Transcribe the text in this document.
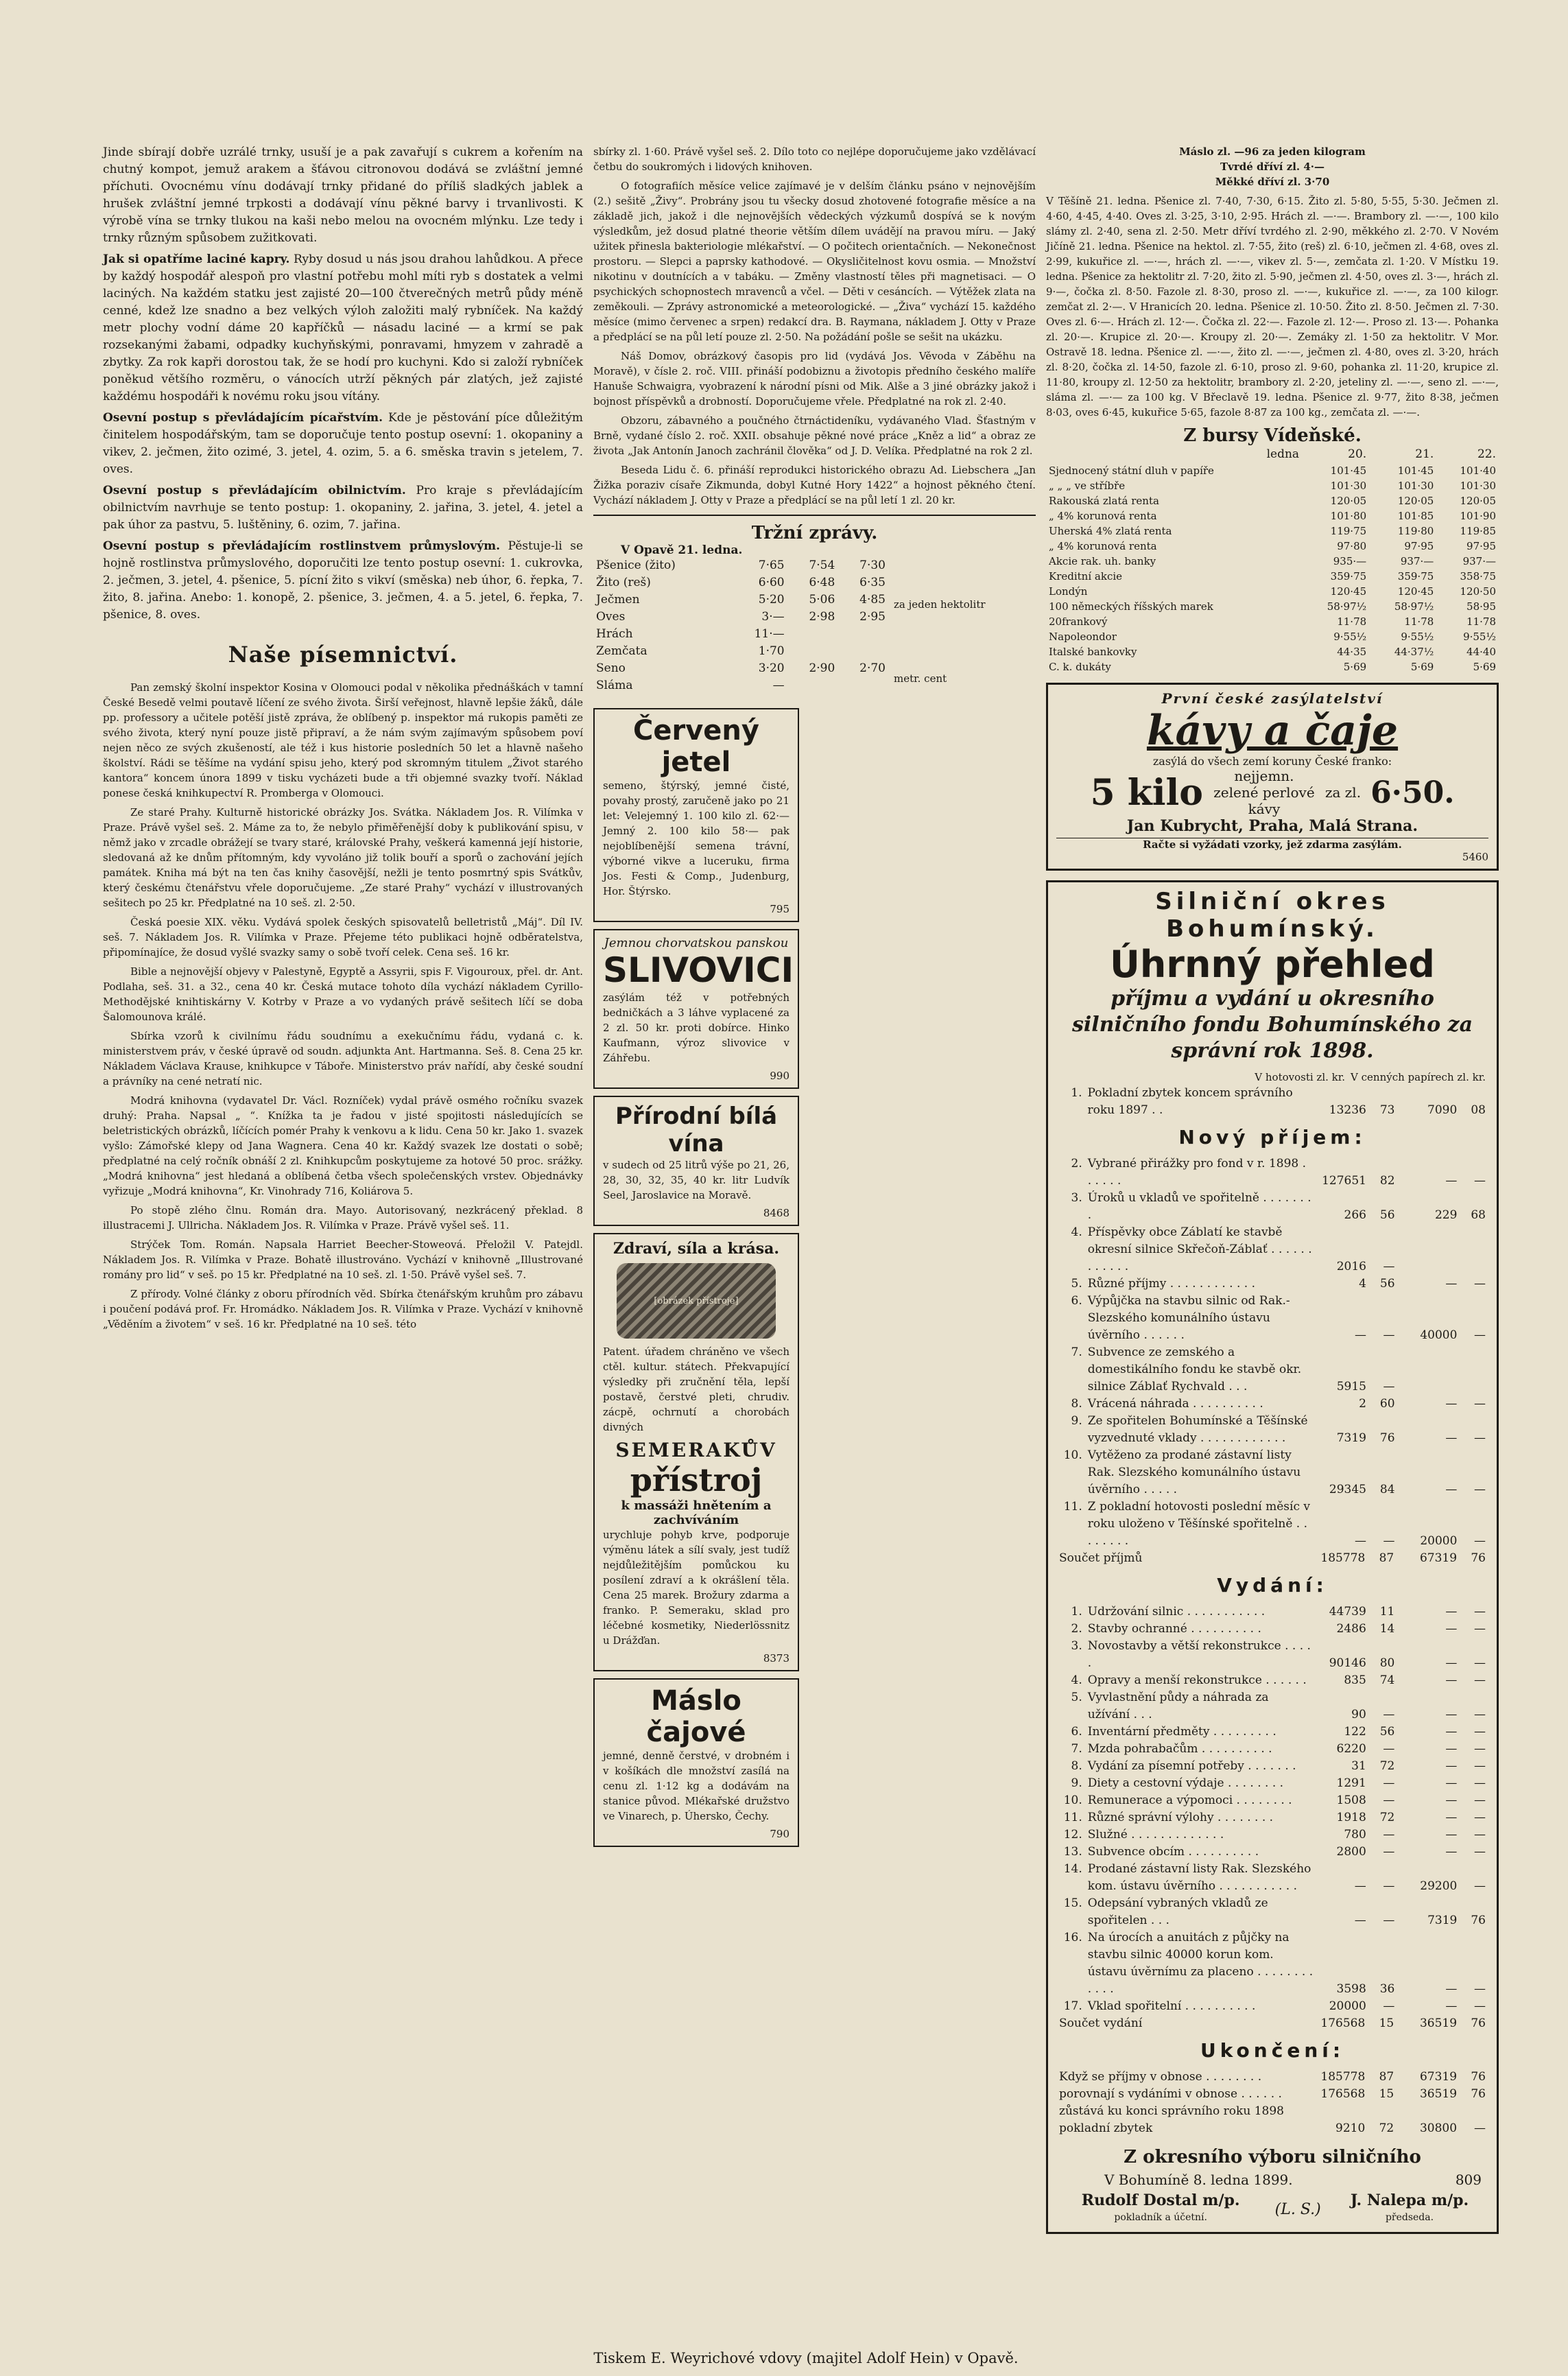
Jinde sbírají dobře uzrálé trnky, usuší je a pak zavařují s cukrem a kořením na chutný kompot, jemuž arakem a šťávou citronovou dodává se zvláštní jemné příchuti. Ovocnému vínu dodávají trnky přidané do příliš sladkých jablek a hrušek zvláštní jemné trpkosti a dodávají vínu pěkné barvy i trvanlivosti. K výrobě vína se trnky tlukou na kaši nebo melou na ovocném mlýnku. Lze tedy i trnky různým spůsobem zužitkovati.

Jak si opatříme laciné kapry. Ryby dosud u nás jsou drahou lahůdkou. A přece by každý hospodář alespoň pro vlastní potřebu mohl míti ryb s dostatek a velmi laciných. Na každém statku jest zajisté 20—100 čtverečných metrů půdy méně cenné, kdež lze snadno a bez velkých výloh založiti malý rybníček. Na každý metr plochy vodní dáme 20 kapříčků — násadu laciné — a krmí se pak rozsekanými žabami, odpadky kuchyňskými, ponravami, hmyzem v zahradě a zbytky. Za rok kapři dorostou tak, že se hodí pro kuchyni. Kdo si založí rybníček poněkud většího rozměru, o vánocích utrží pěkných pár zlatých, jež zajisté každému hospodáři k novému roku jsou vítány.

Osevní postup s převládajícím pícařstvím. Kde je pěstování píce důležitým činitelem hospodářským, tam se doporučuje tento postup osevní: 1. okopaniny a vikev, 2. ječmen, žito ozimé, 3. jetel, 4. ozim, 5. a 6. směska travin s jetelem, 7. oves.

Osevní postup s převládajícím obilnictvím. Pro kraje s převládajícím obilnictvím navrhuje se tento postup: 1. okopaniny, 2. jařina, 3. jetel, 4. jetel a pak úhor za pastvu, 5. luštěniny, 6. ozim, 7. jařina.

Osevní postup s převládajícím rostlinstvem průmyslovým. Pěstuje-li se hojně rostlinstva průmyslového, doporučiti lze tento postup osevní: 1. cukrovka, 2. ječmen, 3. jetel, 4. pšenice, 5. pícní žito s vikví (směska) neb úhor, 6. řepka, 7. žito, 8. jařina. Anebo: 1. konopě, 2. pšenice, 3. ječmen, 4. a 5. jetel, 6. řepka, 7. pšenice, 8. oves.

Naše písemnictví.

Pan zemský školní inspektor Kosina v Olomouci podal v několika přednáškách v tamní České Besedě velmi poutavě líčení ze svého života. Širší veřejnost, hlavně lepšie žáků, dále pp. professory a učitele potěší jistě zpráva, že oblíbený p. inspektor má rukopis paměti ze svého života, který nyní pouze jistě připraví, a že nám svým zajímavým spůsobem poví nejen něco ze svých zkušeností, ale též i kus historie posledních 50 let a hlavně našeho školství. Rádi se těšíme na vydání spisu jeho, který pod skromným titulem „Život starého kantora“ koncem února 1899 v tisku vycházeti bude a tři objemné svazky tvoří. Náklad ponese česká knihkupectví R. Promberga v Olomouci.

Ze staré Prahy. Kulturně historické obrázky Jos. Svátka. Nákladem Jos. R. Vilímka v Praze. Právě vyšel seš. 2. Máme za to, že nebylo přiměřenější doby k publikování spisu, v němž jako v zrcadle obrážejí se tvary staré, královské Prahy, veškerá kamenná její historie, sledovaná až ke dnům přítomným, kdy vyvoláno již tolik bouří a sporů o zachování jejích památek. Kniha má být na ten čas knihy časovější, nežli je tento posmrtný spis Svátkův, který českému čtenářstvu vřele doporučujeme. „Ze staré Prahy“ vychází v illustrovaných sešitech po 25 kr. Předplatné na 10 seš. zl. 2·50.

Česká poesie XIX. věku. Vydává spolek českých spisovatelů belletristů „Máj“. Díl IV. seš. 7. Nákladem Jos. R. Vilímka v Praze. Přejeme této publikaci hojně odběratelstva, připomínajíce, že dosud vyšlé svazky samy o sobě tvoří celek. Cena seš. 16 kr.

Bible a nejnovější objevy v Palestyně, Egyptě a Assyrii, spis F. Vigouroux, přel. dr. Ant. Podlaha, seš. 31. a 32., cena 40 kr. Česká mutace tohoto díla vychází nákladem Cyrillo-Methodějské knihtiskárny V. Kotrby v Praze a vo vydaných právě sešitech líčí se doba Šalomounova králé.

Sbírka vzorů k civilnímu řádu soudnímu a exekučnímu řádu, vydaná c. k. ministerstvem práv, v české úpravě od soudn. adjunkta Ant. Hartmanna. Seš. 8. Cena 25 kr. Nákladem Václava Krause, knihkupce v Táboře. Ministerstvo práv nařídí, aby české soudní a právníky na cené netratí nic.

Modrá knihovna (vydavatel Dr. Václ. Rozníček) vydal právě osmého ročníku svazek druhý: Praha. Napsal „ “. Knížka ta je řadou v jisté spojitosti následujících se beletristických obrázků, líčících pomér Prahy k venkovu a k lidu. Cena 50 kr. Jako 1. svazek vyšlo: Zámořské klepy od Jana Wagnera. Cena 40 kr. Každý svazek lze dostati o sobě; předplatné na celý ročník obnáší 2 zl. Knihkupcům poskytujeme za hotové 50 proc. srážky. „Modrá knihovna“ jest hledaná a oblíbená četba všech společenských vrstev. Objednávky vyřizuje „Modrá knihovna“, Kr. Vinohrady 716, Koliárova 5.

Po stopě zlého člnu. Román dra. Mayo. Autorisovaný, nezkrácený překlad. 8 illustracemi J. Ullricha. Nákladem Jos. R. Vilímka v Praze. Právě vyšel seš. 11.

Strýček Tom. Román. Napsala Harriet Beecher-Stoweová. Přeložil V. Patejdl. Nákladem Jos. R. Vilímka v Praze. Bohatě illustrováno. Vychází v knihovně „Illustrované romány pro lid“ v seš. po 15 kr. Předplatné na 10 seš. zl. 1·50. Právě vyšel seš. 7.

Z přírody. Volné články z oboru přírodních věd. Sbírka čtenářským kruhům pro zábavu i poučení podává prof. Fr. Hromádko. Nákladem Jos. R. Vilímka v Praze. Vychází v knihovně „Věděním a životem“ v seš. 16 kr. Předplatné na 10 seš. této

sbírky zl. 1·60. Právě vyšel seš. 2. Dílo toto co nejlépe doporučujeme jako vzdělávací četbu do soukromých i lidových knihoven.

O fotografiích měsíce velice zajímavé je v delším článku psáno v nejnovějším (2.) sešitě „Živy“. Probrány jsou tu všecky dosud zhotovené fotografie měsíce a na základě jich, jakož i dle nejnovějších vědeckých výzkumů dospívá se k novým výsledkům, jež dosud platné theorie větším dílem uvádějí na pravou míru. — Jaký užitek přinesla bakteriologie mlékařství. — O počitech orientačních. — Nekonečnost prostoru. — Slepci a paprsky kathodové. — Okysličitelnost kovu osmia. — Množství nikotinu v doutnících a v tabáku. — Změny vlastností těles při magnetisaci. — O psychických schopnostech mravenců a včel. — Děti v cesáncích. — Výtěžek zlata na zeměkouli. — Zprávy astronomické a meteorologické. — „Živa“ vychází 15. každého měsíce (mimo červenec a srpen) redakcí dra. B. Raymana, nákladem J. Otty v Praze a předplácí se na půl letí pouze zl. 2·50. Na požádání pošle se sešit na ukázku.

Náš Domov, obrázkový časopis pro lid (vydává Jos. Věvoda v Záběhu na Moravě), v čísle 2. roč. VIII. přináší podobiznu a životopis předního českého malíře Hanuše Schwaigra, vyobrazení k národní písni od Mik. Alše a 3 jiné obrázky jakož i bojnost příspěvků a drobností. Doporučujeme vřele. Předplatné na rok zl. 2·40.

Obzoru, zábavného a poučného čtrnáctideníku, vydávaného Vlad. Šťastným v Brně, vydané číslo 2. roč. XXII. obsahuje pěkné nové práce „Kněz a lid“ a obraz ze života „Jak Antonín Janoch zachránil člověka“ od J. D. Velíka. Předplatné na rok 2 zl.

Beseda Lidu č. 6. přináší reprodukci historického obrazu Ad. Liebschera „Jan Žižka poraziv císaře Zikmunda, dobyl Kutné Hory 1422“ a hojnost pěkného čtení. Vychází nákladem J. Otty v Praze a předplácí se na půl letí 1 zl. 20 kr.

Tržní zprávy.
V Opavě 21. ledna.
Pšenice (žito)	7·65	7·54	7·30
Žito (reš)	6·60	6·48	6·35
Ječmen	5·20	5·06	4·85
Oves	3·—	2·98	2·95
Hrách	11·—		
Zemčata	1·70		
Seno	3·20	2·90	2·70
Sláma	—		
za jeden hektolitr
metr. cent
Červený jetel

semeno, štýrský, jemné čisté, povahy prostý, zaručeně jako po 21 let: Velejemný 1. 100 kilo zl. 62·— Jemný 2. 100 kilo 58·— pak nejoblíbenější semena trávní, výborné vikve a luceruku, firma Jos. Festi & Comp., Judenburg, Hor. Štýrsko.

795
Jemnou chorvatskou panskou
SLIVOVICI

zasýlám též v potřebných bedničkách a 3 láhve vyplacené za 2 zl. 50 kr. proti dobírce. Hinko Kaufmann, výroz slivovice v Záhřebu.

990
Přírodní bílá vína

v sudech od 25 litrů výše po 21, 26, 28, 30, 32, 35, 40 kr. litr Ludvík Seel, Jaroslavice na Moravě.

8468
Zdraví, síla a krása.
[obrázek přístroje]

Patent. úřadem chráněno ve všech ctěl. kultur. státech. Překvapující výsledky při zručnění těla, lepší postavě, čerstvé pleti, chrudiv. zácpě, ochrnutí a chorobách divných

SEMERAKŮV
přístroj
k massáži hnětením a zachvíváním

urychluje pohyb krve, podporuje výměnu látek a sílí svaly, jest tudíž nejdůležitějším pomůckou ku posílení zdraví a k okrášlení těla. Cena 25 marek. Brožury zdarma a franko. P. Semeraku, sklad pro léčebné kosmetiky, Niederlössnitz u Drážďan.

8373
Máslo čajové

jemné, denně čerstvé, v drobném i v košíkách dle množství zasílá na cenu zl. 1·12 kg a dodávám na stanice původ. Mlékařské družstvo ve Vinarech, p. Úhersko, Čechy.

790

Máslo zl. —96 za jeden kilogram
Tvrdé dříví zl. 4·—
Měkké dříví zl. 3·70

V Těšíně 21. ledna. Pšenice zl. 7·40, 7·30, 6·15. Žito zl. 5·80, 5·55, 5·30. Ječmen zl. 4·60, 4·45, 4·40. Oves zl. 3·25, 3·10, 2·95. Hrách zl. —·—. Brambory zl. —·—, 100 kilo slámy zl. 2·40, sena zl. 2·50. Metr dříví tvrdého zl. 2·90, měkkého zl. 2·70. V Novém Jičíně 21. ledna. Pšenice na hektol. zl. 7·55, žito (reš) zl. 6·10, ječmen zl. 4·68, oves zl. 2·99, kukuřice zl. —·—, hrách zl. —·—, vikev zl. 5·—, zemčata zl. 1·20. V Místku 19. ledna. Pšenice za hektolitr zl. 7·20, žito zl. 5·90, ječmen zl. 4·50, oves zl. 3·—, hrách zl. 9·—, čočka zl. 8·50. Fazole zl. 8·30, proso zl. —·—, kukuřice zl. —·—, za 100 kilogr. zemčat zl. 2·—. V Hranicích 20. ledna. Pšenice zl. 10·50. Žito zl. 8·50. Ječmen zl. 7·30. Oves zl. 6·—. Hrách zl. 12·—. Čočka zl. 22·—. Fazole zl. 12·—. Proso zl. 13·—. Pohanka zl. 20·—. Krupice zl. 20·—. Kroupy zl. 20·—. Zemáky zl. 1·50 za hektolitr. V Mor. Ostravě 18. ledna. Pšenice zl. —·—, žito zl. —·—, ječmen zl. 4·80, oves zl. 3·20, hrách zl. 8·20, čočka zl. 14·50, fazole zl. 6·10, proso zl. 9·60, pohanka zl. 11·20, krupice zl. 11·80, kroupy zl. 12·50 za hektolitr, brambory zl. 2·20, jeteliny zl. —·—, seno zl. —·—, sláma zl. —·— za 100 kg. V Břeclavě 19. ledna. Pšenice zl. 9·77, žito 8·38, ječmen 8·03, oves 6·45, kukuřice 5·65, fazole 8·87 za 100 kg., zemčata zl. —·—.

Z bursy Vídeňské.
ledna	20.	21.	22.
Sjednocený státní dluh v papíře	101·45	101·45	101·40
„ „ „ ve stříbře	101·30	101·30	101·30
Rakouská zlatá renta	120·05	120·05	120·05
„ 4% korunová renta	101·80	101·85	101·90
Uherská 4% zlatá renta	119·75	119·80	119·85
„ 4% korunová renta	97·80	97·95	97·95
Akcie rak. uh. banky	935·—	937·—	937·—
Kreditní akcie	359·75	359·75	358·75
Londýn	120·45	120·45	120·50
100 německých říšských marek	58·97½	58·97½	58·95
20frankový	11·78	11·78	11·78
Napoleondor	9·55½	9·55½	9·55½
Italské bankovky	44·35	44·37½	44·40
C. k. dukáty	5·69	5·69	5·69
První české zasýlatelství
kávy a čaje
zasýlá do všech zemí koruny České franko:
5 kilo	nejjemn. zelené perlové kávy
za zl. 6·50.
Jan Kubrycht, Praha, Malá Strana.
Račte si vyžádati vzorky, jež zdarma zasýlám.
5460
Silniční okres Bohumínský.
Úhrnný přehled
příjmu a vydání u okresního silničního fondu Bohumínského za správní rok 1898.
	V hotovosti zl. kr.	V cenných papírech zl. kr.
1.	Pokladní zbytek koncem správního roku 1897 . .	13236	73	7090	08
Nový příjem:
2.	Vybrané přirážky pro fond v r. 1898 . . . . . .	127651	82	—	—
3.	Úroků u vkladů ve spořitelně . . . . . . . .	266	56	229	68
4.	Příspěvky obce Záblatí ke stavbě okresní silnice Skřečoň-Záblať . . . . . . . . . . . .	2016	—		
5.	Různé příjmy . . . . . . . . . . . .	4	56	—	—
6.	Výpůjčka na stavbu silnic od Rak.-Slezského komunálního ústavu úvěrního . . . . . .	—	—	40000	—
7.	Subvence ze zemského a domestikálního fondu ke stavbě okr. silnice Záblať Rychvald . . .	5915	—		
8.	Vrácená náhrada . . . . . . . . . .	2	60	—	—
9.	Ze spořitelen Bohumínské a Těšínské vyzvednuté vklady . . . . . . . . . . . .	7319	76	—	—
10.	Vytěženo za prodané zástavní listy Rak. Slezského komunálního ústavu úvěrního . . . . .	29345	84	—	—
11.	Z pokladní hotovosti poslední měsíc v roku uloženo v Těšínské spořitelně . . . . . . . .	—	—	20000	—
Součet příjmů	185778	87	67319	76
Vydání:
1.	Udržování silnic . . . . . . . . . . .	44739	11	—	—
2.	Stavby ochranné . . . . . . . . . .	2486	14	—	—
3.	Novostavby a větší rekonstrukce . . . . .	90146	80	—	—
4.	Opravy a menší rekonstrukce . . . . . .	835	74	—	—
5.	Vyvlastnění půdy a náhrada za užívání . . .	90	—	—	—
6.	Inventární předměty . . . . . . . . .	122	56	—	—
7.	Mzda pohrabačům . . . . . . . . . .	6220	—	—	—
8.	Vydání za písemní potřeby . . . . . . .	31	72	—	—
9.	Diety a cestovní výdaje . . . . . . . .	1291	—	—	—
10.	Remunerace a výpomoci . . . . . . . .	1508	—	—	—
11.	Různé správní výlohy . . . . . . . .	1918	72	—	—
12.	Služné . . . . . . . . . . . . .	780	—	—	—
13.	Subvence obcím . . . . . . . . . .	2800	—	—	—
14.	Prodané zástavní listy Rak. Slezského kom. ústavu úvěrního . . . . . . . . . . .	—	—	29200	—
15.	Odepsání vybraných vkladů ze spořitelen . . .	—	—	7319	76
16.	Na úrocích a anuitách z půjčky na stavbu silnic 40000 korun kom. ústavu úvěrnímu za placeno . . . . . . . . . . . .	3598	36	—	—
17.	Vklad spořitelní . . . . . . . . . .	20000	—	—	—
Součet vydání	176568	15	36519	76
Ukončení:
Když se příjmy v obnose . . . . . . . .	185778	87	67319	76
porovnají s vydáními v obnose . . . . . .	176568	15	36519	76
zůstává ku konci správního roku 1898 pokladní zbytek	9210	72	30800	—
Z okresního výboru silničního
V Bohumíně 8. ledna 1899.	809
Rudolf Dostal m/p.
pokladník a účetní.	(L. S.)	J. Nalepa m/p.
předseda.
Tiskem E. Weyrichové vdovy (majitel Adolf Hein) v Opavě.
